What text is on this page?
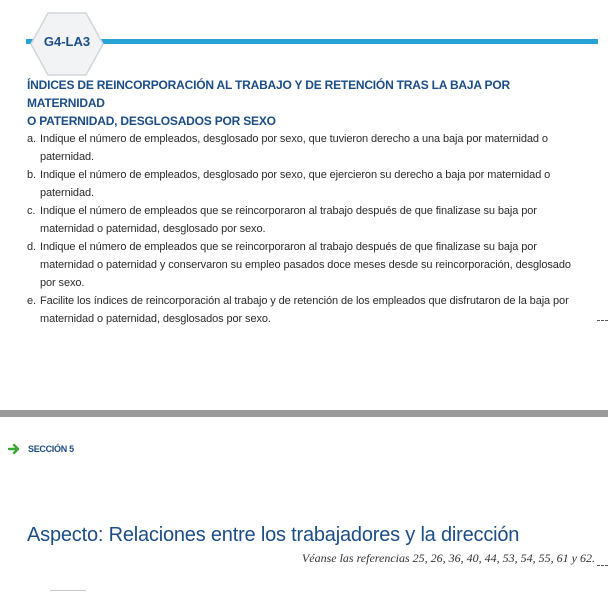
G4-LA3
ÍNDICES DE REINCORPORACIÓN AL TRABAJO Y DE RETENCIÓN TRAS LA BAJA POR MATERNIDAD
O PATERNIDAD, DESGLOSADOS POR SEXO
a. Indique el número de empleados, desglosado por sexo, que tuvieron derecho a una baja por maternidad o
paternidad.
b. Indique el número de empleados, desglosado por sexo, que ejercieron su derecho a baja por maternidad o
paternidad.
c. Indique el número de empleados que se reincorporaron al trabajo después de que finalizase su baja por
maternidad o paternidad, desglosado por sexo.
d. Indique el número de empleados que se reincorporaron al trabajo después de que finalizase su baja por
maternidad o paternidad y conservaron su empleo pasados doce meses desde su reincorporación, desglosado
por sexo.
e. Facilite los índices de reincorporación al trabajo y de retención de los empleados que disfrutaron de la baja por
maternidad o paternidad, desglosados por sexo.
SECCIÓN 5
Aspecto: Relaciones entre los trabajadores y la dirección
Véanse las referencias 25, 26, 36, 40, 44, 53, 54, 55, 61 y 62.
